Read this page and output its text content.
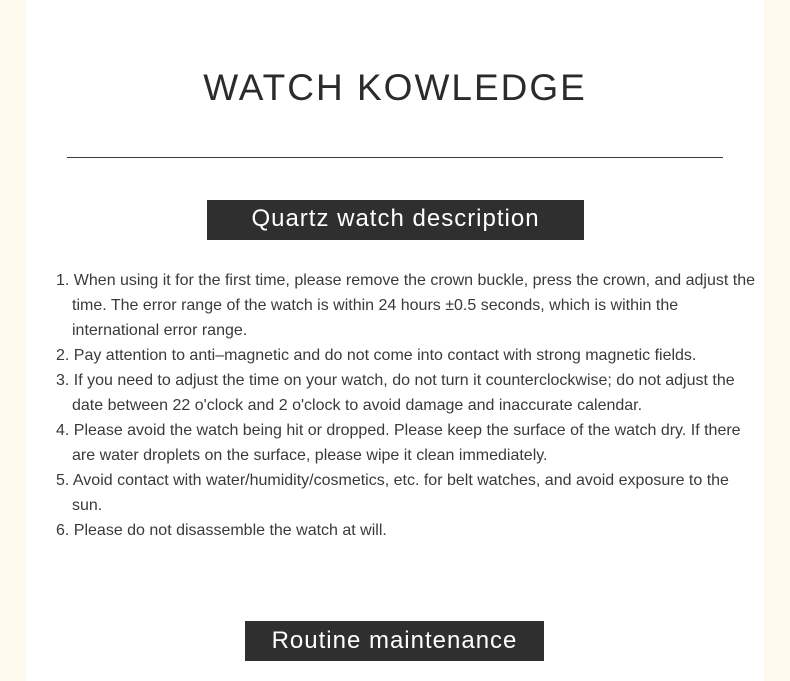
WATCH KOWLEDGE
Quartz watch description
1. When using it for the first time, please remove the crown buckle, press the crown, and adjust the time. The error range of the watch is within 24 hours ±0.5 seconds, which is within the international error range.
2. Pay attention to anti–magnetic and do not come into contact with strong magnetic fields.
3. If you need to adjust the time on your watch, do not turn it counterclockwise; do not adjust the date between 22 o'clock and 2 o'clock to avoid damage and inaccurate calendar.
4. Please avoid the watch being hit or dropped. Please keep the surface of the watch dry. If there are water droplets on the surface, please wipe it clean immediately.
5. Avoid contact with water/humidity/cosmetics, etc. for belt watches, and avoid exposure to the sun.
6. Please do not disassemble the watch at will.
Routine maintenance
